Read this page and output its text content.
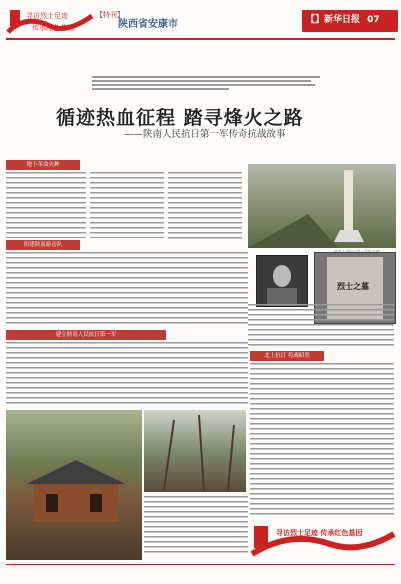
寻访烈士足迹
传承红色基因
【特刊】
陕西省安康市	【】新华日报 07
循迹热血征程 踏寻烽火之路
——陕南人民抗日第一军传奇抗战故事
烈士之墓
地下革命火种
组建陕南游击队
建立陕南人民抗日第一军
北上抗日 将魂昭然
寻访烈士足迹 传承红色基因
